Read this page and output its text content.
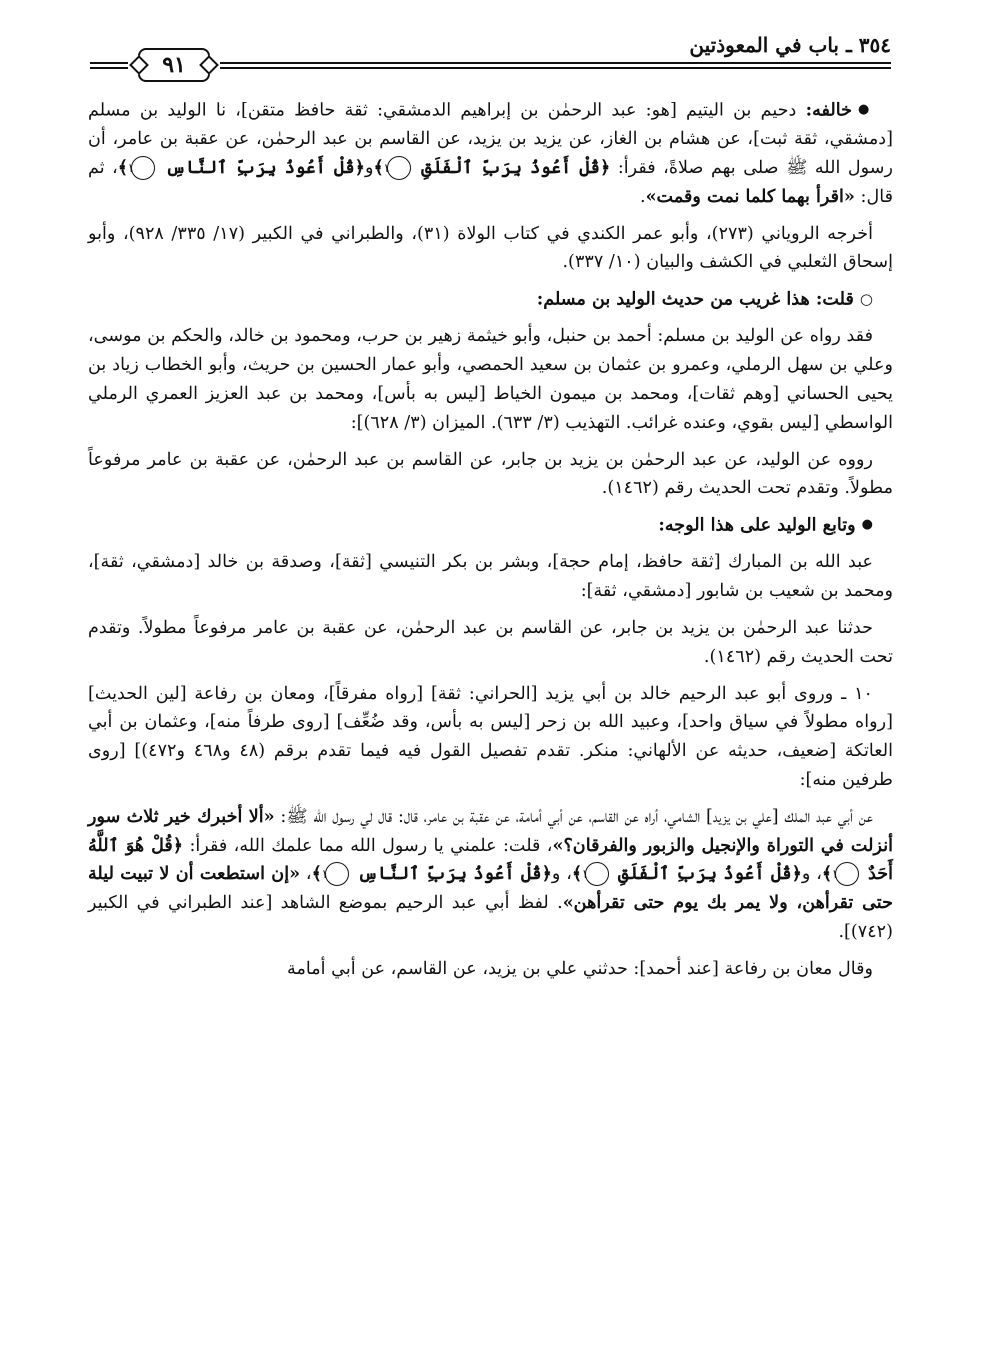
٣٥٤ ـ باب في المعوذتين
٩١

●خالفه: دحيم بن اليتيم [هو: عبد الرحمٰن بن إبراهيم الدمشقي: ثقة حافظ متقن]، نا الوليد بن مسلم [دمشقي، ثقة ثبت]، عن هشام بن الغاز، عن يزيد بن يزيد، عن القاسم بن عبد الرحمٰن، عن عقبة بن عامر، أن رسول الله ﷺ صلى بهم صلاةً، فقرأ: ﴿قُلْ أَعُوذُ بِرَبِّ ٱلْفَلَقِ ١﴾و﴿قُلْ أَعُوذُ بِرَبِّ ٱلنَّاسِ ١﴾، ثم قال: «اقرأ بهما كلما نمت وقمت».

أخرجه الروياني (٢٧٣)، وأبو عمر الكندي في كتاب الولاة (٣١)، والطبراني في الكبير (١٧/ ٣٣٥/ ٩٢٨)، وأبو إسحاق الثعلبي في الكشف والبيان (١٠/ ٣٣٧).

○قلت: هذا غريب من حديث الوليد بن مسلم:

فقد رواه عن الوليد بن مسلم: أحمد بن حنبل، وأبو خيثمة زهير بن حرب، ومحمود بن خالد، والحكم بن موسى، وعلي بن سهل الرملي، وعمرو بن عثمان بن سعيد الحمصي، وأبو عمار الحسين بن حريث، وأبو الخطاب زياد بن يحيى الحساني [وهم ثقات]، ومحمد بن ميمون الخياط [ليس به بأس]، ومحمد بن عبد العزيز العمري الرملي الواسطي [ليس بقوي، وعنده غرائب. التهذيب (٣/ ٦٣٣). الميزان (٣/ ٦٢٨)]:

رووه عن الوليد، عن عبد الرحمٰن بن يزيد بن جابر، عن القاسم بن عبد الرحمٰن، عن عقبة بن عامر مرفوعاً مطولاً. وتقدم تحت الحديث رقم (١٤٦٢).

●وتابع الوليد على هذا الوجه:

عبد الله بن المبارك [ثقة حافظ، إمام حجة]، وبشر بن بكر التنيسي [ثقة]، وصدقة بن خالد [دمشقي، ثقة]، ومحمد بن شعيب بن شابور [دمشقي، ثقة]:

حدثنا عبد الرحمٰن بن يزيد بن جابر، عن القاسم بن عبد الرحمٰن، عن عقبة بن عامر مرفوعاً مطولاً. وتقدم تحت الحديث رقم (١٤٦٢).

١٠ ـ وروى أبو عبد الرحيم خالد بن أبي يزيد [الحراني: ثقة] [رواه مفرقاً]، ومعان بن رفاعة [لين الحديث] [رواه مطولاً في سياق واحد]، وعبيد الله بن زحر [ليس به بأس، وقد ضُعِّف] [روى طرفاً منه]، وعثمان بن أبي العاتكة [ضعيف، حديثه عن الألهاني: منكر. تقدم تفصيل القول فيه فيما تقدم برقم (٤٨ و٤٦٨ و٤٧٢)] [روى طرفين منه]:

عن أبي عبد الملك [علي بن يزيد] الشامي، أراه عن القاسم، عن أبي أمامة، عن عقبة بن عامر، قال: قال لي رسول الله ﷺ: «ألا أخبرك خير ثلاث سور أنزلت في التوراة والإنجيل والزبور والفرقان؟»، قلت: علمني يا رسول الله مما علمك الله، فقرأ: ﴿قُلْ هُوَ ٱللَّهُ أَحَدٌ ١﴾، و﴿قُلْ أَعُوذُ بِرَبِّ ٱلْفَلَقِ ١﴾، و﴿قُلْ أَعُوذُ بِرَبِّ ٱلنَّاسِ ١﴾، «إن استطعت أن لا تبيت ليلة حتى تقرأهن، ولا يمر بك يوم حتى تقرأهن». لفظ أبي عبد الرحيم بموضع الشاهد [عند الطبراني في الكبير (٧٤٢)].

وقال معان بن رفاعة [عند أحمد]: حدثني علي بن يزيد، عن القاسم، عن أبي أمامة
